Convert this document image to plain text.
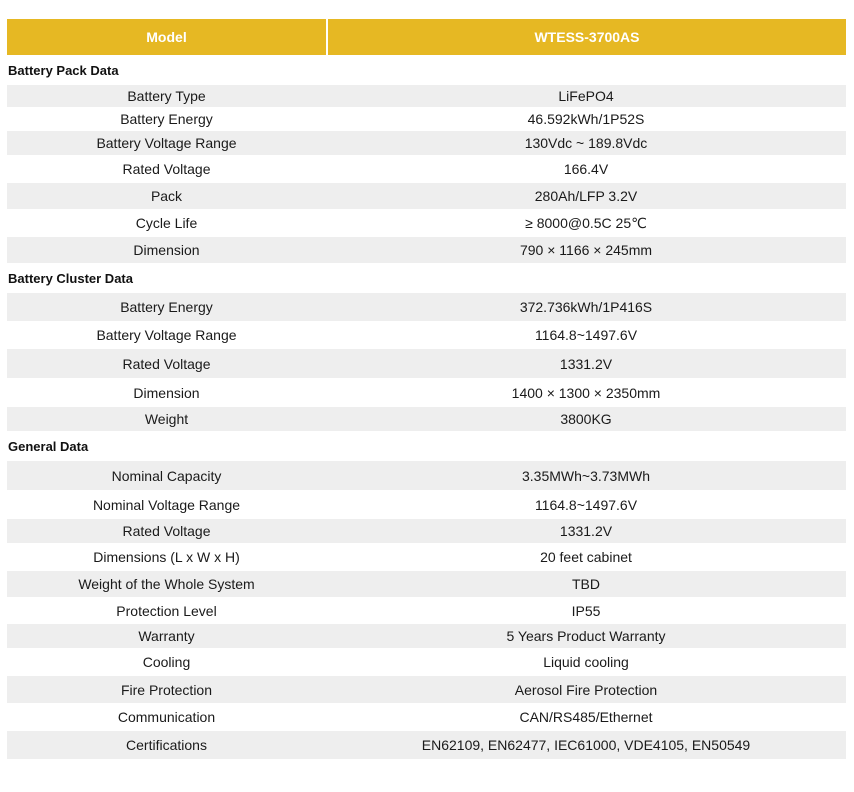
Model	WTESS-3700AS
Battery Pack Data
Battery Type	LiFePO4
Battery Energy	46.592kWh/1P52S
Battery Voltage Range	130Vdc ~ 189.8Vdc
Rated Voltage	166.4V
Pack	280Ah/LFP 3.2V
Cycle Life	≥ 8000@0.5C 25℃
Dimension	790 × 1166 × 245mm
Battery Cluster Data
Battery Energy	372.736kWh/1P416S
Battery Voltage Range	1164.8~1497.6V
Rated Voltage	1331.2V
Dimension	1400 × 1300 × 2350mm
Weight	3800KG
General Data
Nominal Capacity	3.35MWh~3.73MWh
Nominal Voltage Range	1164.8~1497.6V
Rated Voltage	1331.2V
Dimensions (L x W x H)	20 feet cabinet
Weight of the Whole System	TBD
Protection Level	IP55
Warranty	5 Years Product Warranty
Cooling	Liquid cooling
Fire Protection	Aerosol Fire Protection
Communication	CAN/RS485/Ethernet
Certifications	EN62109, EN62477, IEC61000, VDE4105, EN50549
